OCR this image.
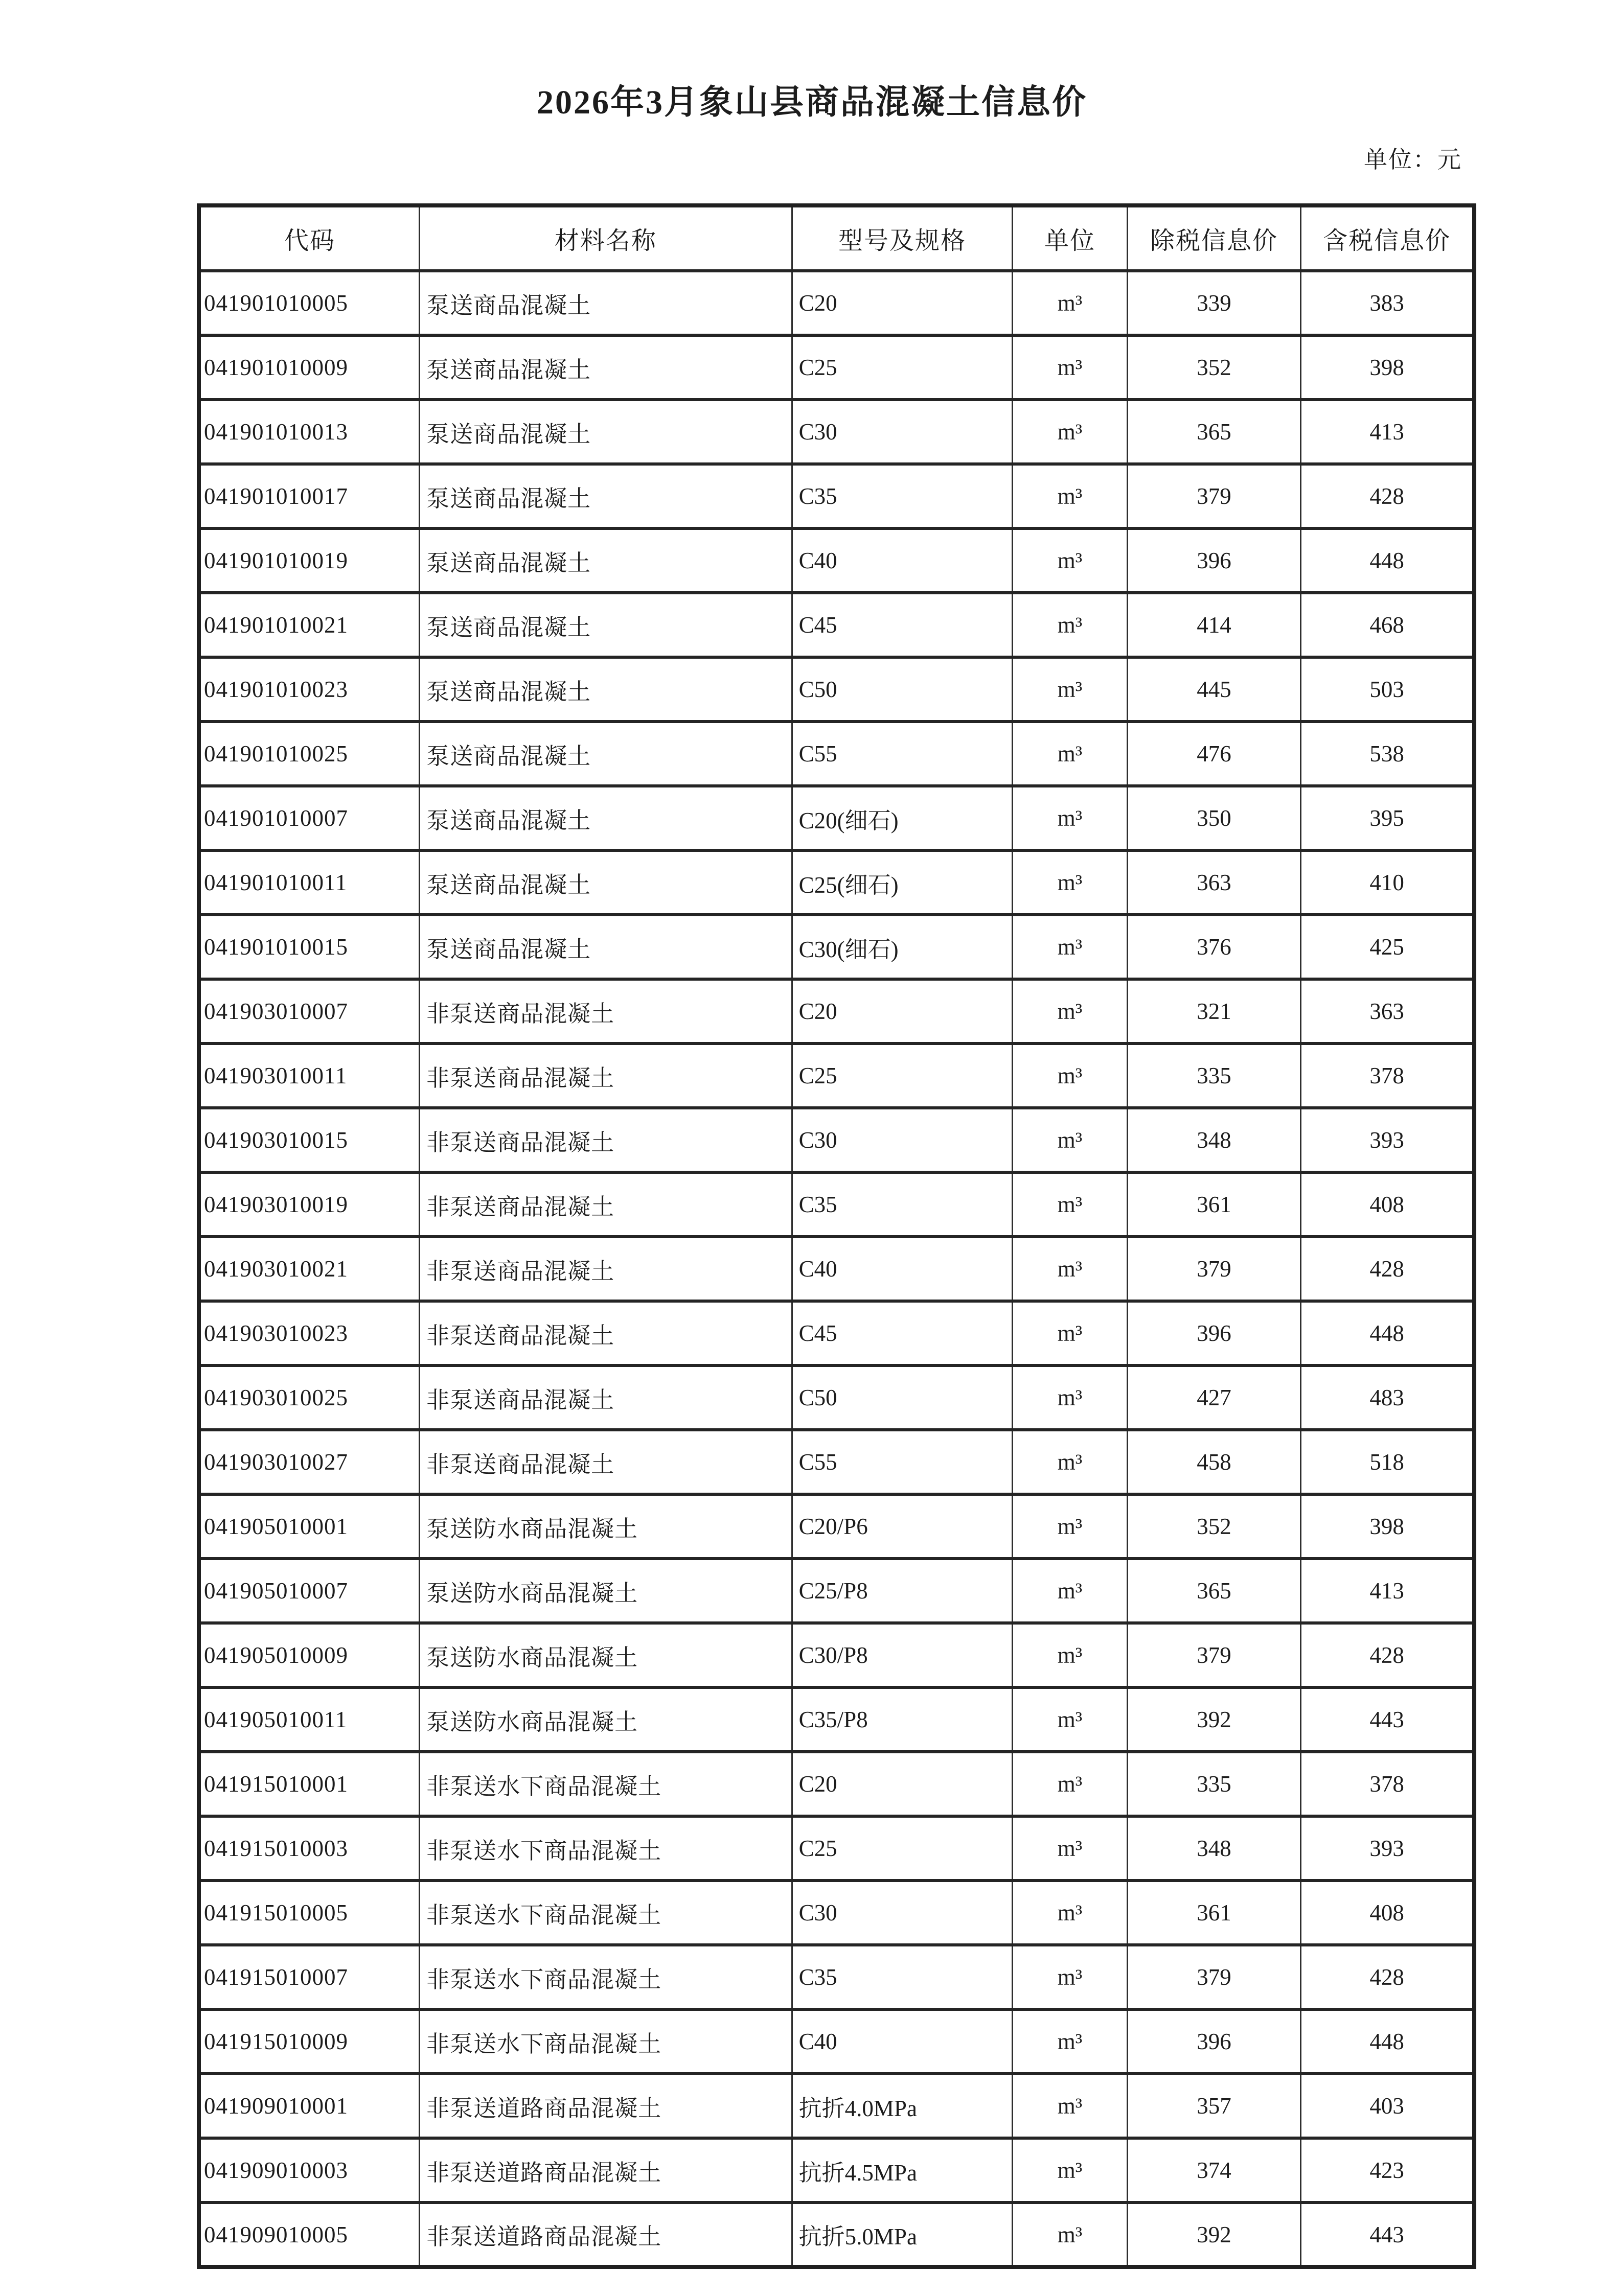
2026年3月象山县商品混凝土信息价
单位：元
代码	材料名称	型号及规格	单位	除税信息价	含税信息价
041901010005	泵送商品混凝土	C20	m³	339	383
041901010009	泵送商品混凝土	C25	m³	352	398
041901010013	泵送商品混凝土	C30	m³	365	413
041901010017	泵送商品混凝土	C35	m³	379	428
041901010019	泵送商品混凝土	C40	m³	396	448
041901010021	泵送商品混凝土	C45	m³	414	468
041901010023	泵送商品混凝土	C50	m³	445	503
041901010025	泵送商品混凝土	C55	m³	476	538
041901010007	泵送商品混凝土	C20(细石)	m³	350	395
041901010011	泵送商品混凝土	C25(细石)	m³	363	410
041901010015	泵送商品混凝土	C30(细石)	m³	376	425
041903010007	非泵送商品混凝土	C20	m³	321	363
041903010011	非泵送商品混凝土	C25	m³	335	378
041903010015	非泵送商品混凝土	C30	m³	348	393
041903010019	非泵送商品混凝土	C35	m³	361	408
041903010021	非泵送商品混凝土	C40	m³	379	428
041903010023	非泵送商品混凝土	C45	m³	396	448
041903010025	非泵送商品混凝土	C50	m³	427	483
041903010027	非泵送商品混凝土	C55	m³	458	518
041905010001	泵送防水商品混凝土	C20/P6	m³	352	398
041905010007	泵送防水商品混凝土	C25/P8	m³	365	413
041905010009	泵送防水商品混凝土	C30/P8	m³	379	428
041905010011	泵送防水商品混凝土	C35/P8	m³	392	443
041915010001	非泵送水下商品混凝土	C20	m³	335	378
041915010003	非泵送水下商品混凝土	C25	m³	348	393
041915010005	非泵送水下商品混凝土	C30	m³	361	408
041915010007	非泵送水下商品混凝土	C35	m³	379	428
041915010009	非泵送水下商品混凝土	C40	m³	396	448
041909010001	非泵送道路商品混凝土	抗折4.0MPa	m³	357	403
041909010003	非泵送道路商品混凝土	抗折4.5MPa	m³	374	423
041909010005	非泵送道路商品混凝土	抗折5.0MPa	m³	392	443
